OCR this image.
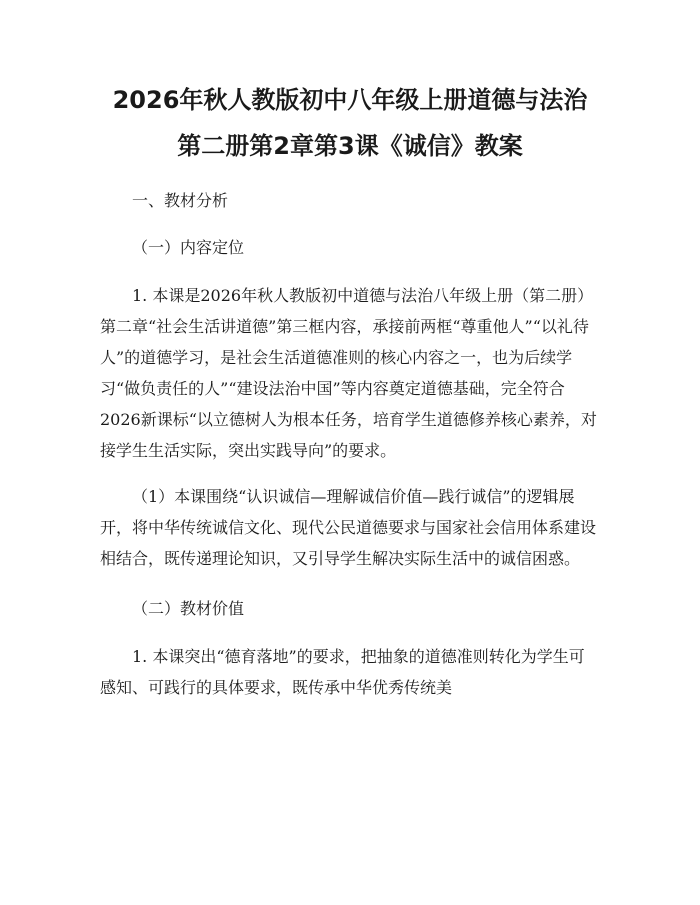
2026年秋人教版初中八年级上册道德与法治
第二册第2章第3课《诚信》教案

一、教材分析

（一）内容定位

1. 本课是2026年秋人教版初中道德与法治八年级上册（第二册）第二章“社会生活讲道德”第三框内容，承接前两框“尊重他人”“以礼待人”的道德学习，是社会生活道德准则的核心内容之一，也为后续学习“做负责任的人”“建设法治中国”等内容奠定道德基础，完全符合2026新课标“以立德树人为根本任务，培育学生道德修养核心素养，对接学生生活实际，突出实践导向”的要求。

（1）本课围绕“认识诚信—理解诚信价值—践行诚信”的逻辑展开，将中华传统诚信文化、现代公民道德要求与国家社会信用体系建设相结合，既传递理论知识，又引导学生解决实际生活中的诚信困惑。

（二）教材价值

1. 本课突出“德育落地”的要求，把抽象的道德准则转化为学生可感知、可践行的具体要求，既传承中华优秀传统美
